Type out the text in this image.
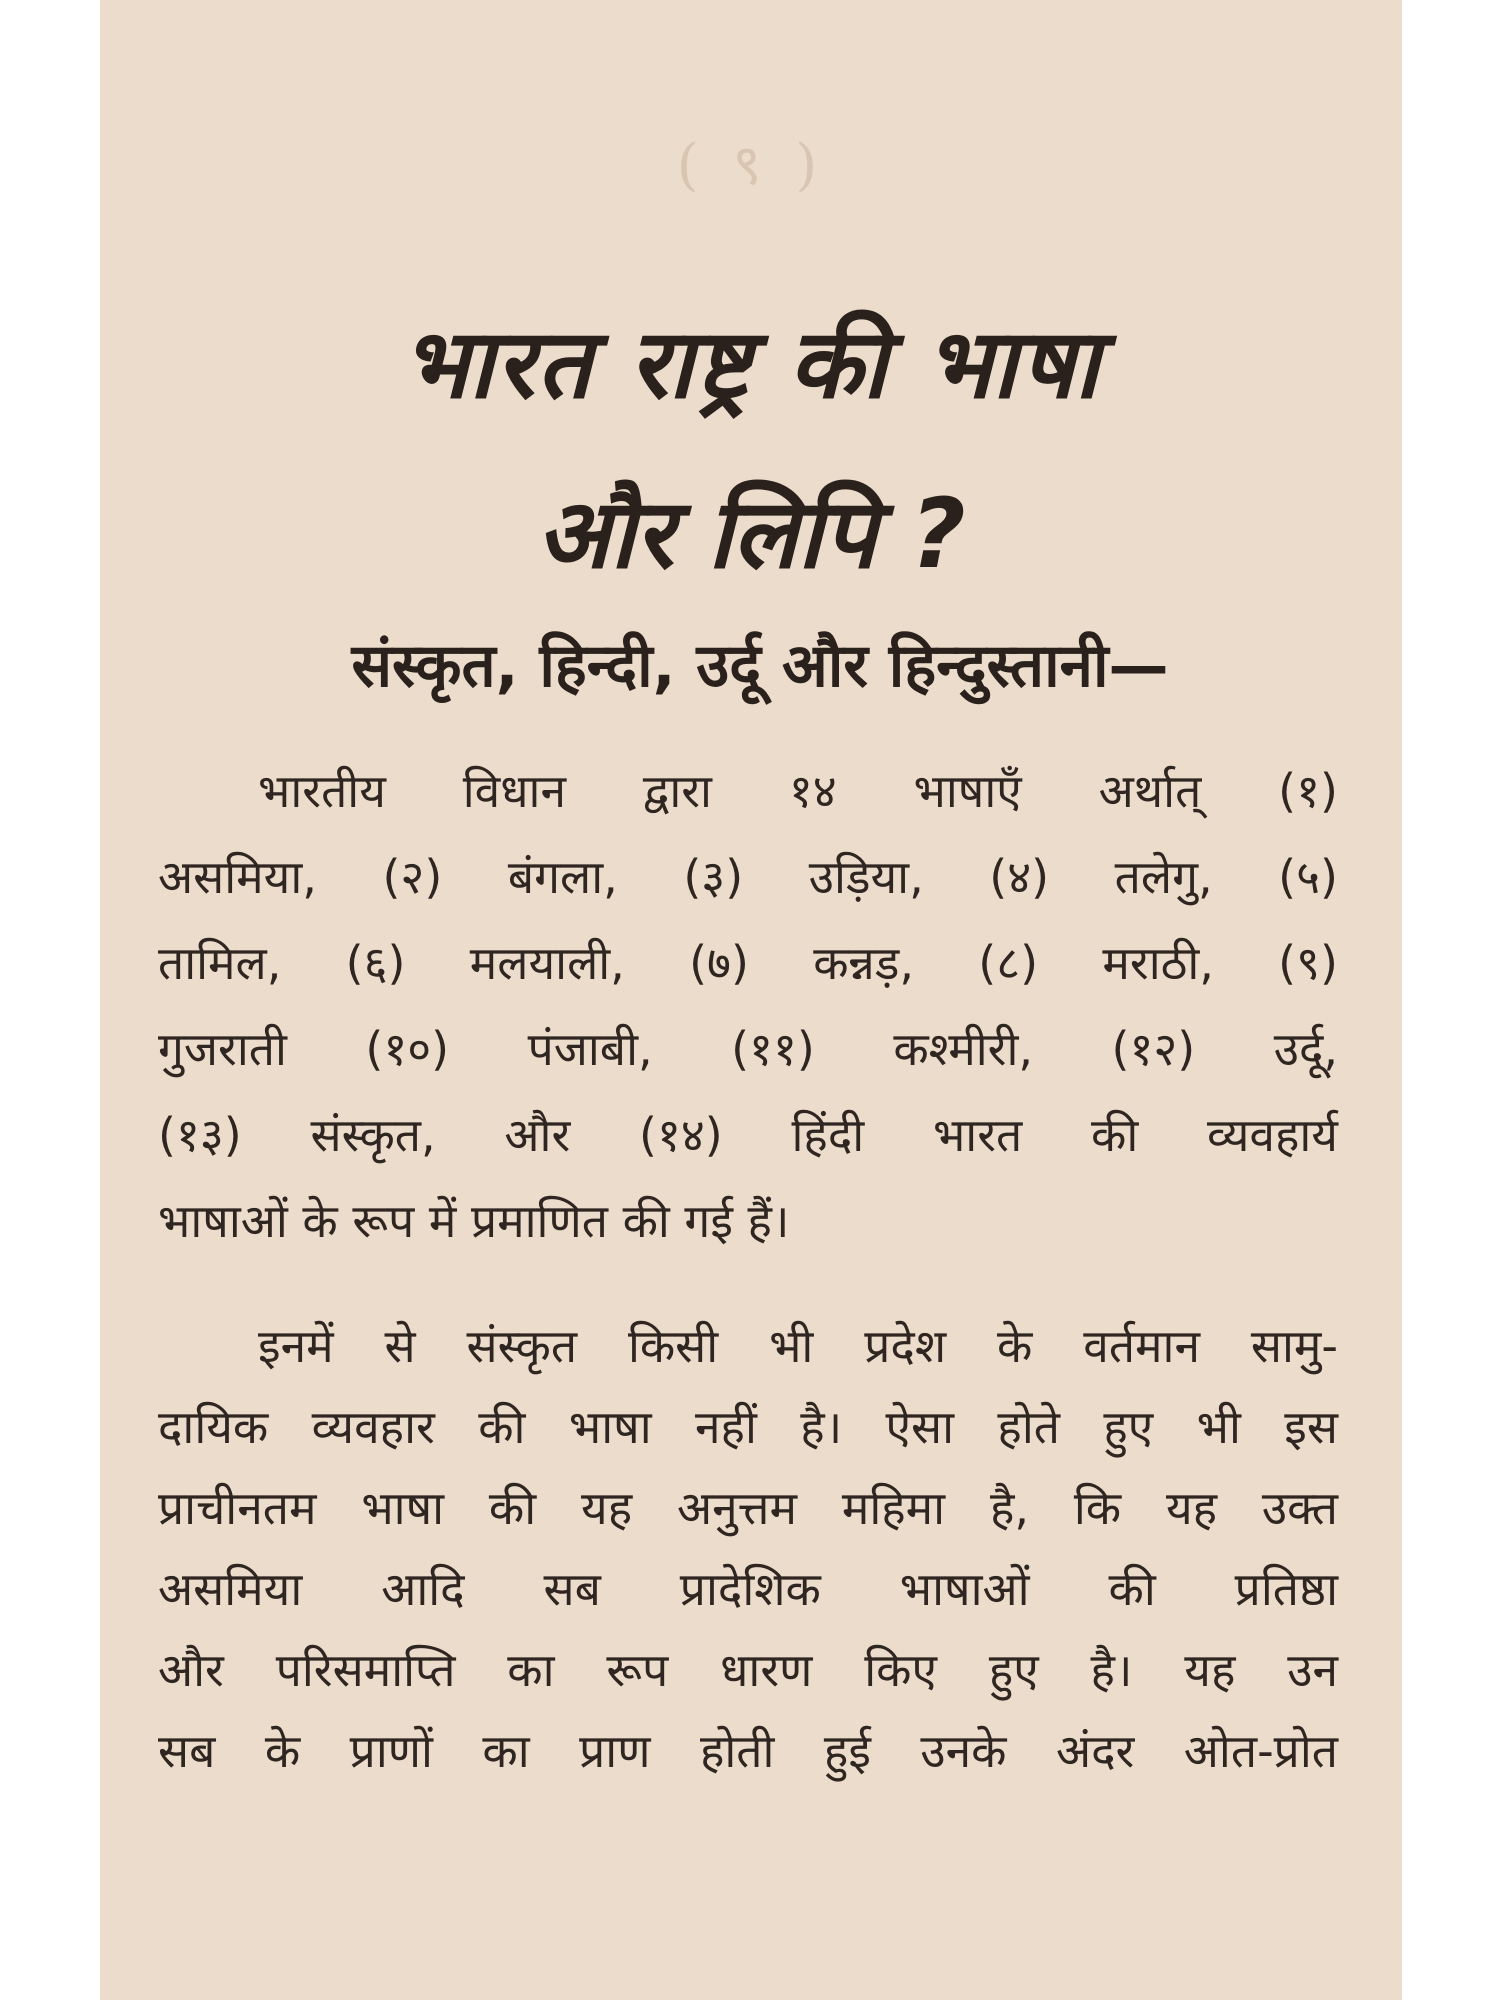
( ९ )
भारत राष्ट्र की भाषा
और लिपि ?
संस्कृत, हिन्दी, उर्दू और हिन्दुस्तानी—
भारतीय विधान द्वारा १४ भाषाएँ अर्थात् (१)
असमिया, (२) बंगला, (३) उड़िया, (४) तलेगु, (५)
तामिल, (६) मलयाली, (७) कन्नड़, (८) मराठी, (९)
गुजराती (१०) पंजाबी, (११) कश्मीरी, (१२) उर्दू,
(१३) संस्कृत, और (१४) हिंदी भारत की व्यवहार्य
भाषाओं के रूप में प्रमाणित की गई हैं।
इनमें से संस्कृत किसी भी प्रदेश के वर्तमान सामु-
दायिक व्यवहार की भाषा नहीं है। ऐसा होते हुए भी इस
प्राचीनतम भाषा की यह अनुत्तम महिमा है, कि यह उक्त
असमिया आदि सब प्रादेशिक भाषाओं की प्रतिष्ठा
और परिसमाप्ति का रूप धारण किए हुए है। यह उन
सब के प्राणों का प्राण होती हुई उनके अंदर ओत-प्रोत
